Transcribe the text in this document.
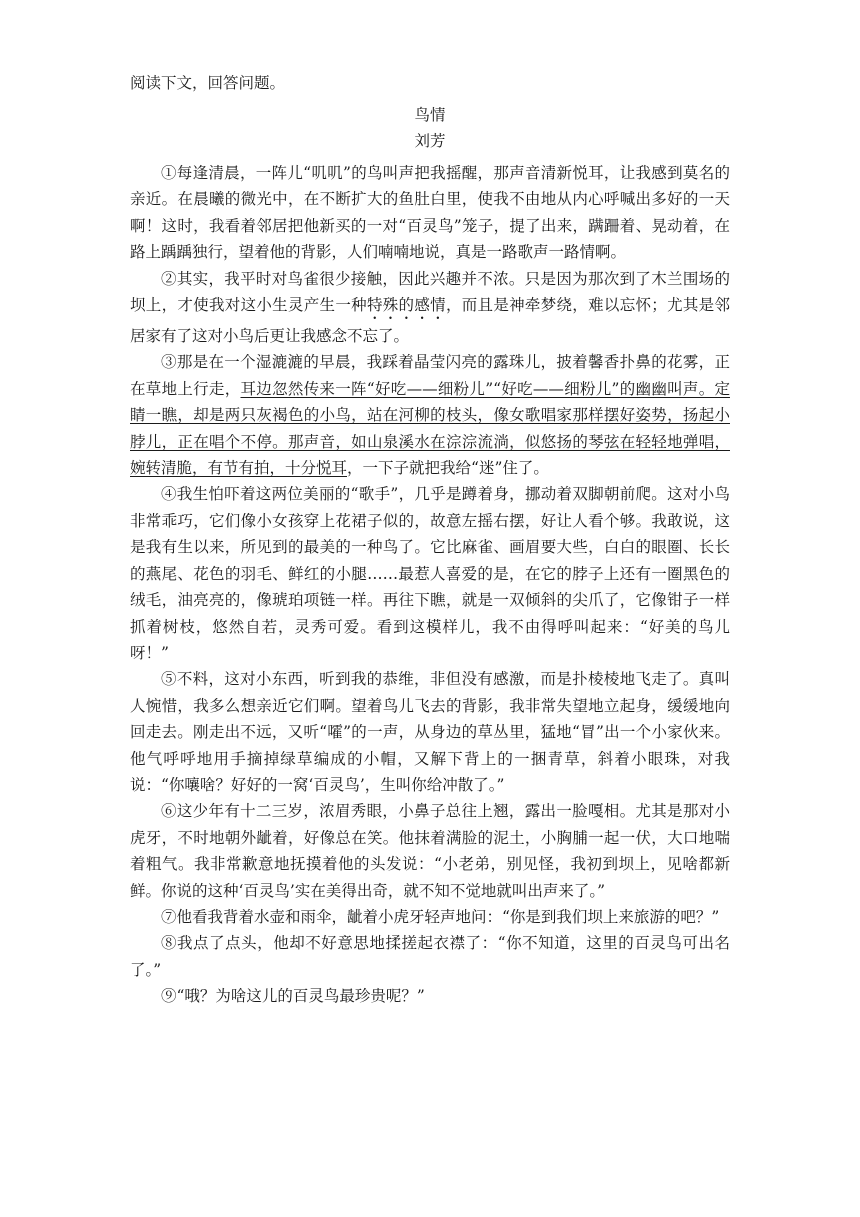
阅读下文，回答问题。

鸟情

刘芳

①每逢清晨，一阵儿“叽叽”的鸟叫声把我摇醒，那声音清新悦耳，让我感到莫名的亲近。在晨曦的微光中，在不断扩大的鱼肚白里，使我不由地从内心呼喊出多好的一天啊！这时，我看着邻居把他新买的一对“百灵鸟”笼子，提了出来，蹒跚着、晃动着，在路上踽踽独行，望着他的背影，人们喃喃地说，真是一路歌声一路情啊。

②其实，我平时对鸟雀很少接触，因此兴趣并不浓。只是因为那次到了木兰围场的坝上，才使我对这小生灵产生一种特殊的感情，而且是神牵梦绕，难以忘怀；尤其是邻居家有了这对小鸟后更让我感念不忘了。

③那是在一个湿漉漉的早晨，我踩着晶莹闪亮的露珠儿，披着馨香扑鼻的花雾，正在草地上行走，耳边忽然传来一阵“好吃——细粉儿”“好吃——细粉儿”的幽幽叫声。定睛一瞧，却是两只灰褐色的小鸟，站在河柳的枝头，像女歌唱家那样摆好姿势，扬起小脖儿，正在唱个不停。那声音，如山泉溪水在淙淙流淌，似悠扬的琴弦在轻轻地弹唱，婉转清脆，有节有拍，十分悦耳，一下子就把我给“迷”住了。

④我生怕吓着这两位美丽的“歌手”，几乎是蹲着身，挪动着双脚朝前爬。这对小鸟非常乖巧，它们像小女孩穿上花裙子似的，故意左摇右摆，好让人看个够。我敢说，这是我有生以来，所见到的最美的一种鸟了。它比麻雀、画眉要大些，白白的眼圈、长长的燕尾、花色的羽毛、鲜红的小腿……最惹人喜爱的是，在它的脖子上还有一圈黑色的绒毛，油亮亮的，像琥珀项链一样。再往下瞧，就是一双倾斜的尖爪了，它像钳子一样抓着树枝，悠然自若，灵秀可爱。看到这模样儿，我不由得呼叫起来：“好美的鸟儿呀！”

⑤不料，这对小东西，听到我的恭维，非但没有感激，而是扑棱棱地飞走了。真叫人惋惜，我多么想亲近它们啊。望着鸟儿飞去的背影，我非常失望地立起身，缓缓地向回走去。刚走出不远，又听“嚯”的一声，从身边的草丛里，猛地“冒”出一个小家伙来。他气呼呼地用手摘掉绿草编成的小帽，又解下背上的一捆青草，斜着小眼珠，对我说：“你嚷啥？好好的一窝‘百灵鸟’，生叫你给冲散了。”

⑥这少年有十二三岁，浓眉秀眼，小鼻子总往上翘，露出一脸嘎相。尤其是那对小虎牙，不时地朝外龇着，好像总在笑。他抹着满脸的泥土，小胸脯一起一伏，大口地喘着粗气。我非常歉意地抚摸着他的头发说：“小老弟，别见怪，我初到坝上，见啥都新鲜。你说的这种‘百灵鸟’实在美得出奇，就不知不觉地就叫出声来了。”

⑦他看我背着水壶和雨伞，龇着小虎牙轻声地问：“你是到我们坝上来旅游的吧？”

⑧我点了点头，他却不好意思地揉搓起衣襟了：“你不知道，这里的百灵鸟可出名了。”

⑨“哦？为啥这儿的百灵鸟最珍贵呢？”
